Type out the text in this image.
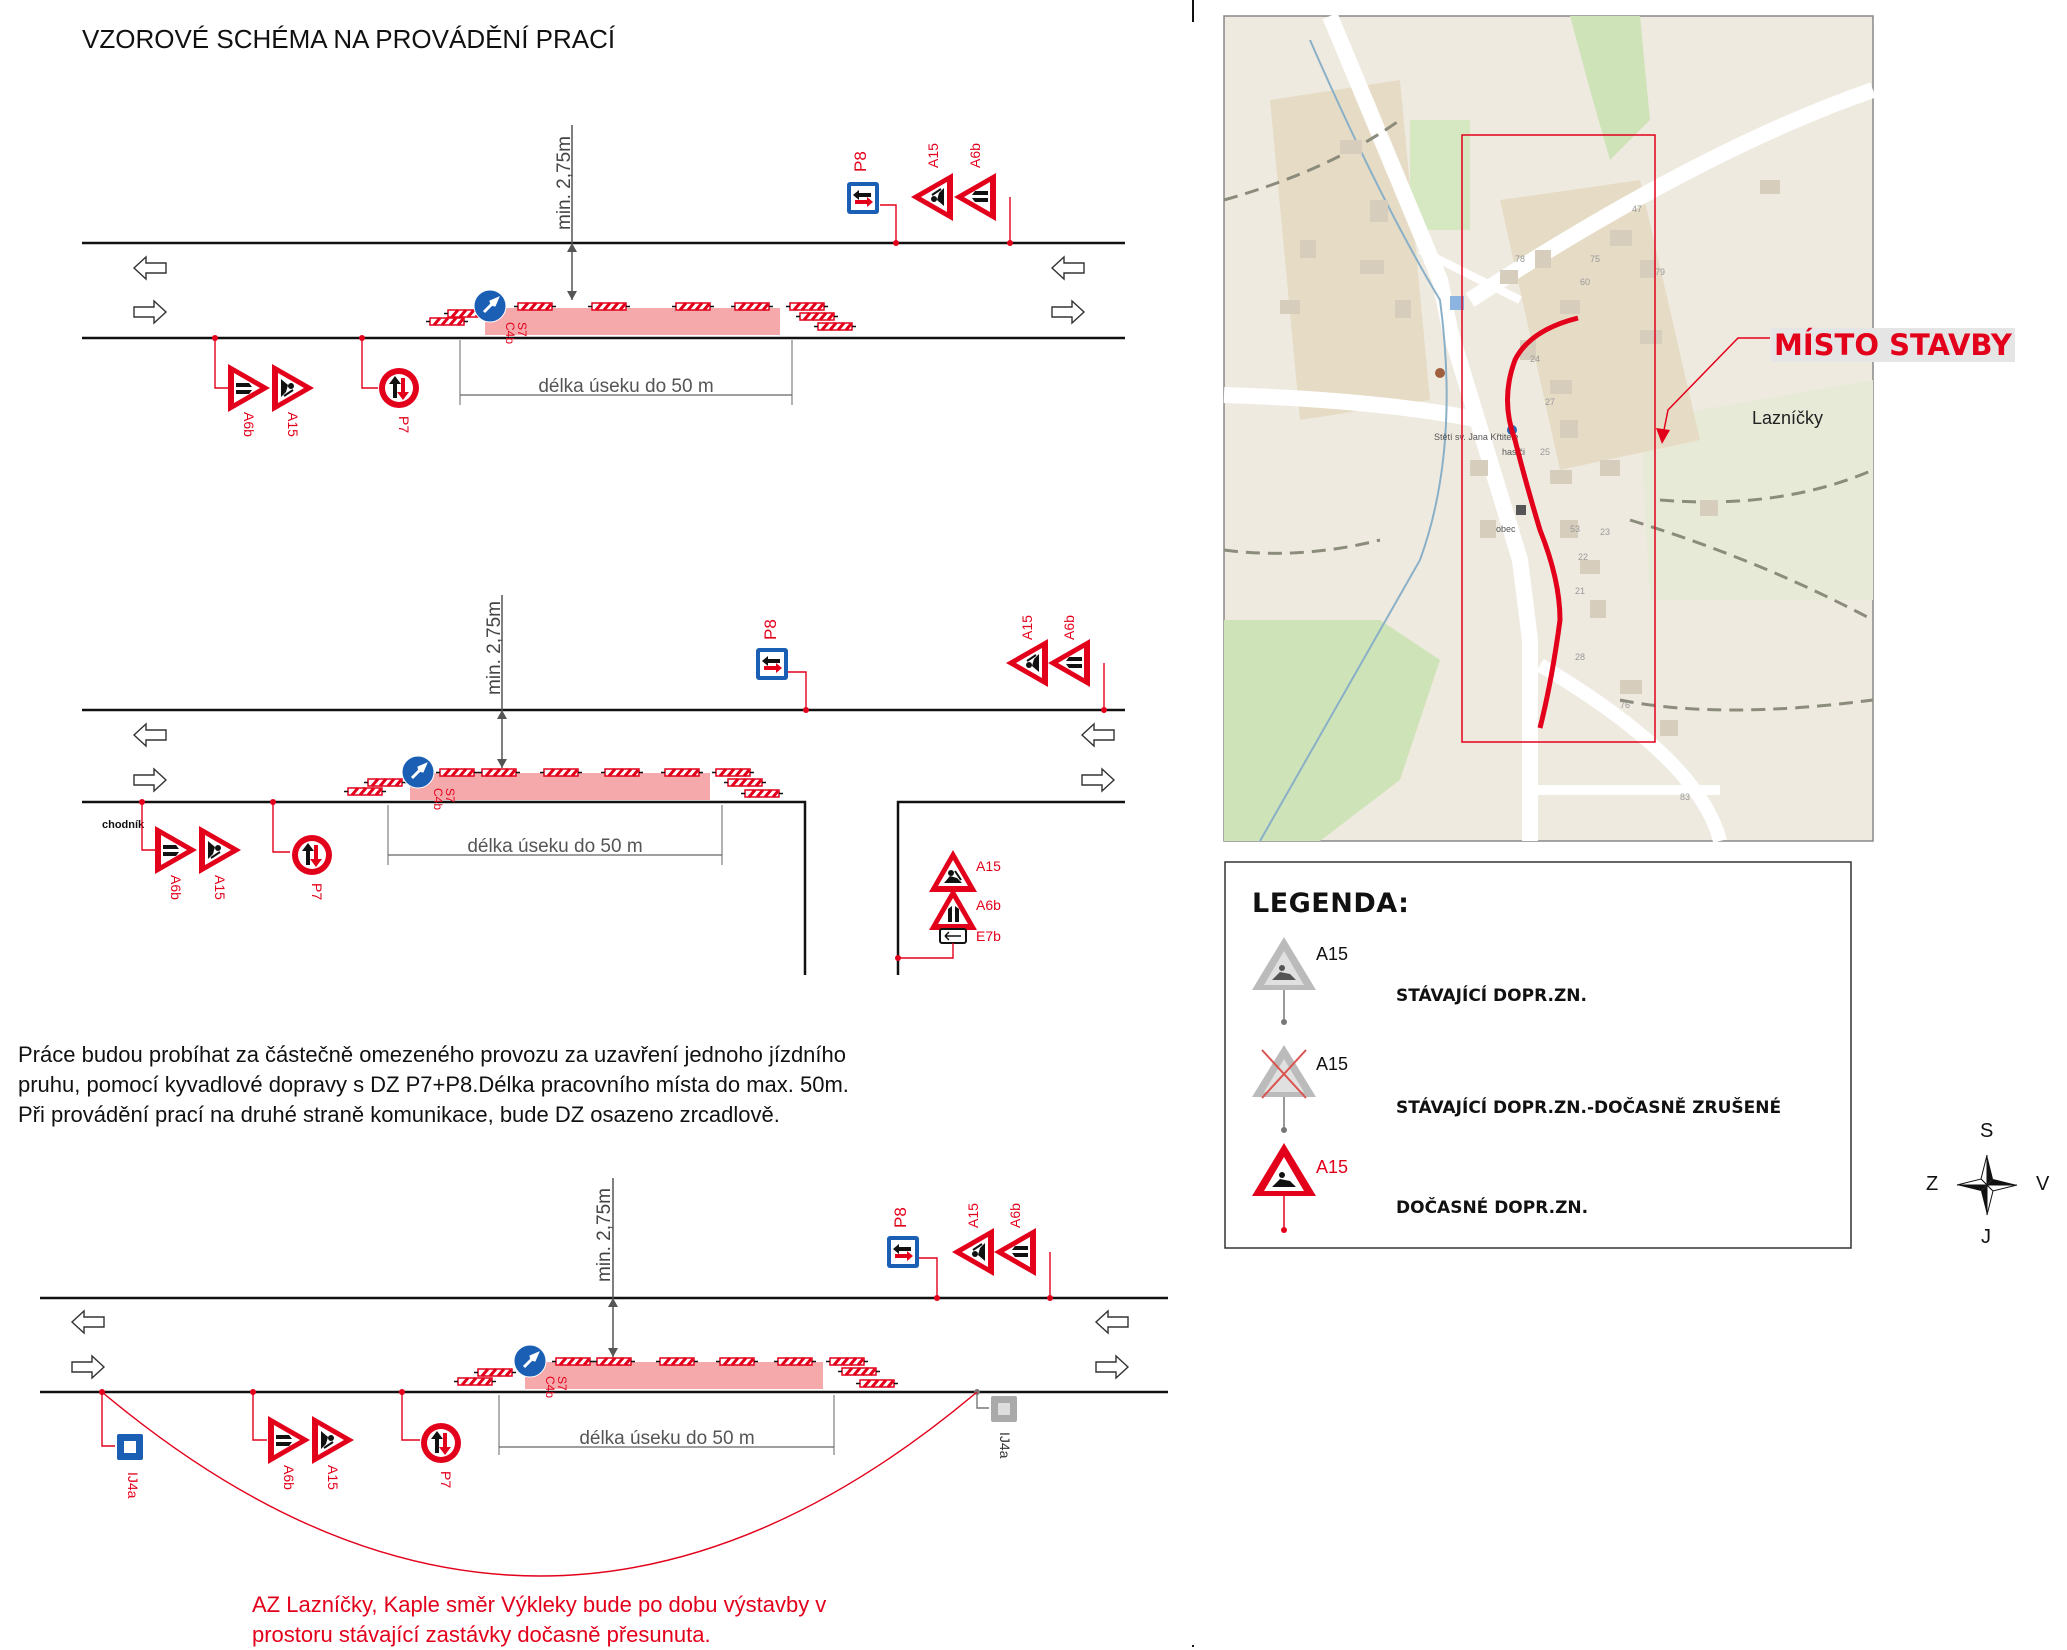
VZOROVÉ SCHÉMA NA PROVÁDĚNÍ PRACÍ
min. 2,75m
délka úseku do 50 m
S7
C4b
P8	A15 A6b
A6b A15	P7
min. 2,75m
délka úseku do 50 m
S7
C4b
P8	A15 A6b
chodník
A6b A15	P7
A15
A6b
E7b
min. 2,75m
délka úseku do 50 m
S7
C4b
P8	A15 A6b
IJ4a	A6b A15	P7
IJ4a
47
78	75
60
79
24
27
25
53
22
21
23
76
28
83
Stětí sv. Jana Křtitele
hasiči
obec
Práce budou probíhat za částečně omezeného provozu za uzavření jednoho jízdního
pruhu, pomocí kyvadlové dopravy s DZ P7+P8.Délka pracovního místa do max. 50m.
Při provádění prací na druhé straně komunikace, bude DZ osazeno zrcadlově.
AZ Lazníčky, Kaple směr Výkleky bude po dobu výstavby v
prostoru stávající zastávky dočasně přesunuta.
MÍSTO STAVBY
Lazníčky
LEGENDA:
A15
STÁVAJÍCÍ DOPR.ZN.
A15
STÁVAJÍCÍ DOPR.ZN.-DOČASNĚ ZRUŠENÉ
A15
DOČASNÉ DOPR.ZN.
S
J
Z	V
